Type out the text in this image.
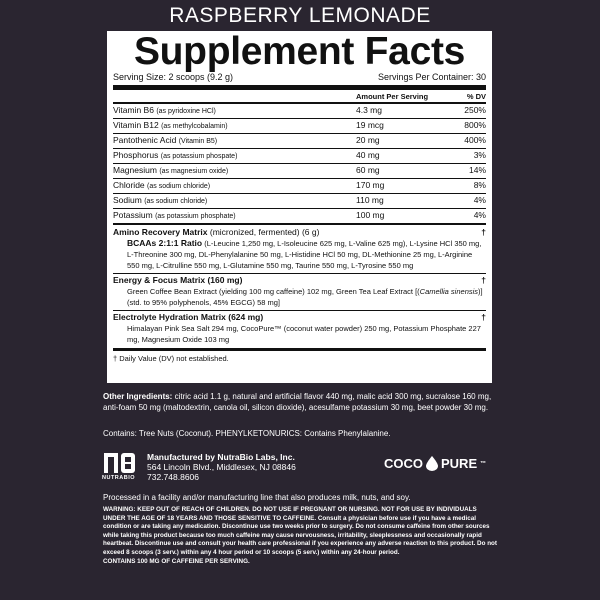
RASPBERRY LEMONADE
Supplement Facts
Serving Size: 2 scoops (9.2 g)	Servings Per Container: 30
Amount Per Serving	% DV
Vitamin B6 (as pyridoxine HCl)	4.3 mg	250%
Vitamin B12 (as methylcobalamin)	19 mcg	800%
Pantothenic Acid (Vitamin B5)	20 mg	400%
Phosphorus (as potassium phospate)	40 mg	3%
Magnesium (as magnesium oxide)	60 mg	14%
Chloride (as sodium chloride)	170 mg	8%
Sodium (as sodium chloride)	110 mg	4%
Potassium (as potassium phosphate)	100 mg	4%
Amino Recovery Matrix (micronized, fermented) (6 g)	†
BCAAs 2:1:1 Ratio (L-Leucine 1,250 mg, L-Isoleucine 625 mg, L-Valine 625 mg), L-Lysine HCl 350 mg, L-Threonine 300 mg, DL-Phenylalanine 50 mg, L-Histidine HCl 50 mg, DL-Methionine 25 mg, L-Arginine 550 mg, L-Citrulline 550 mg, L-Glutamine 550 mg, Taurine 550 mg, L-Tyrosine 550 mg
Energy & Focus Matrix (160 mg)	†
Green Coffee Bean Extract (yielding 100 mg caffeine) 102 mg, Green Tea Leaf Extract [(Camellia sinensis)] (std. to 95% polyphenols, 45% EGCG) 58 mg]
Electrolyte Hydration Matrix (624 mg)	†
Himalayan Pink Sea Salt 294 mg, CocoPure™ (coconut water powder) 250 mg, Potassium Phosphate 227 mg, Magnesium Oxide 103 mg
† Daily Value (DV) not established.
Other Ingredients: citric acid 1.1 g, natural and artificial flavor 440 mg, malic acid 300 mg, sucralose 160 mg, anti-foam 50 mg (maltodextrin, canola oil, silicon dioxide), acesulfame potassium 30 mg, beet powder 30 mg.
Contains: Tree Nuts (Coconut). PHENYLKETONURICS: Contains Phenylalanine.
NUTRABIO
Manufactured by NutraBio Labs, Inc.
564 Lincoln Blvd., Middlesex, NJ 08846
732.748.8606
COCO PURE ™
Processed in a facility and/or manufacturing line that also produces milk, nuts, and soy.
WARNING: KEEP OUT OF REACH OF CHILDREN. DO NOT USE IF PREGNANT OR NURSING. NOT FOR USE BY INDIVIDUALS UNDER THE AGE OF 18 YEARS AND THOSE SENSITIVE TO CAFFEINE. Consult a physician before use if you have a medical condition or are taking any medication. Discontinue use two weeks prior to surgery. Do not consume caffeine from other sources while taking this product because too much caffeine may cause nervousness, irritability, sleeplessness and occasionally rapid heartbeat. Discontinue use and consult your health care professional if you experience any adverse reaction to this product. Do not exceed 8 scoops (3 serv.) within any 4 hour period or 10 scoops (5 serv.) within any 24-hour period.
CONTAINS 100 MG OF CAFFEINE PER SERVING.
